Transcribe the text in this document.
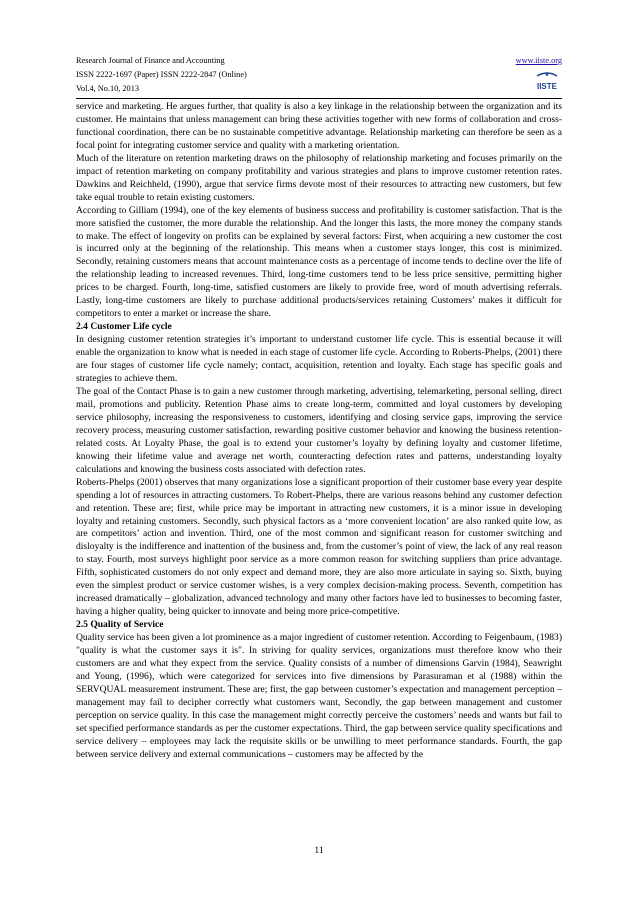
Research Journal of Finance and Accounting
ISSN 2222-1697 (Paper) ISSN 2222-2847 (Online)
Vol.4, No.10, 2013
www.iiste.org
IISTE

service and marketing. He argues further, that quality is also a key linkage in the relationship between the organization and its customer. He maintains that unless management can bring these activities together with new forms of collaboration and cross-functional coordination, there can be no sustainable competitive advantage. Relationship marketing can therefore be seen as a focal point for integrating customer service and quality with a marketing orientation.

Much of the literature on retention marketing draws on the philosophy of relationship marketing and focuses primarily on the impact of retention marketing on company profitability and various strategies and plans to improve customer retention rates. Dawkins and Reichheld, (1990), argue that service firms devote most of their resources to attracting new customers, but few take equal trouble to retain existing customers.

According to Gilliam (1994), one of the key elements of business success and profitability is customer satisfaction. That is the more satisfied the customer, the more durable the relationship. And the longer this lasts, the more money the company stands to make. The effect of longevity on profits can be explained by several factors: First, when acquiring a new customer the cost is incurred only at the beginning of the relationship. This means when a customer stays longer, this cost is minimized. Secondly, retaining customers means that account maintenance costs as a percentage of income tends to decline over the life of the relationship leading to increased revenues. Third, long-time customers tend to be less price sensitive, permitting higher prices to be charged. Fourth, long-time, satisfied customers are likely to provide free, word of mouth advertising referrals. Lastly, long-time customers are likely to purchase additional products/services retaining Customers’ makes it difficult for competitors to enter a market or increase the share.

2.4 Customer Life cycle

In designing customer retention strategies it’s important to understand customer life cycle. This is essential because it will enable the organization to know what is needed in each stage of customer life cycle. According to Roberts-Phelps, (2001) there are four stages of customer life cycle namely; contact, acquisition, retention and loyalty. Each stage has specific goals and strategies to achieve them.

The goal of the Contact Phase is to gain a new customer through marketing, advertising, telemarketing, personal selling, direct mail, promotions and publicity. Retention Phase aims to create long-term, committed and loyal customers by developing service philosophy, increasing the responsiveness to customers, identifying and closing service gaps, improving the service recovery process, measuring customer satisfaction, rewarding positive customer behavior and knowing the business retention-related costs. At Loyalty Phase, the goal is to extend your customer’s loyalty by defining loyalty and customer lifetime, knowing their lifetime value and average net worth, counteracting defection rates and patterns, understanding loyalty calculations and knowing the business costs associated with defection rates.

Roberts-Phelps (2001) observes that many organizations lose a significant proportion of their customer base every year despite spending a lot of resources in attracting customers. To Robert-Phelps, there are various reasons behind any customer defection and retention. These are; first, while price may be important in attracting new customers, it is a minor issue in developing loyalty and retaining customers. Secondly, such physical factors as a ‘more convenient location’ are also ranked quite low, as are competitors’ action and invention. Third, one of the most common and significant reason for customer switching and disloyalty is the indifference and inattention of the business and, from the customer’s point of view, the lack of any real reason to stay. Fourth, most surveys highlight poor service as a more common reason for switching suppliers than price advantage. Fifth, sophisticated customers do not only expect and demand more, they are also more articulate in saying so. Sixth, buying even the simplest product or service customer wishes, is a very complex decision-making process. Seventh, competition has increased dramatically – globalization, advanced technology and many other factors have led to businesses to becoming faster, having a higher quality, being quicker to innovate and being more price-competitive.

2.5 Quality of Service

Quality service has been given a lot prominence as a major ingredient of customer retention. According to Feigenbaum, (1983) "quality is what the customer says it is". In striving for quality services, organizations must therefore know who their customers are and what they expect from the service. Quality consists of a number of dimensions Garvin (1984), Seawright and Young, (1996), which were categorized for services into five dimensions by Parasuraman et al (1988) within the SERVQUAL measurement instrument. These are; first, the gap between customer’s expectation and management perception – management may fail to decipher correctly what customers want, Secondly, the gap between management and customer perception on service quality. In this case the management might correctly perceive the customers’ needs and wants but fail to set specified performance standards as per the customer expectations. Third, the gap between service quality specifications and service delivery – employees may lack the requisite skills or be unwilling to meet performance standards. Fourth, the gap between service delivery and external communications – customers may be affected by the

11
